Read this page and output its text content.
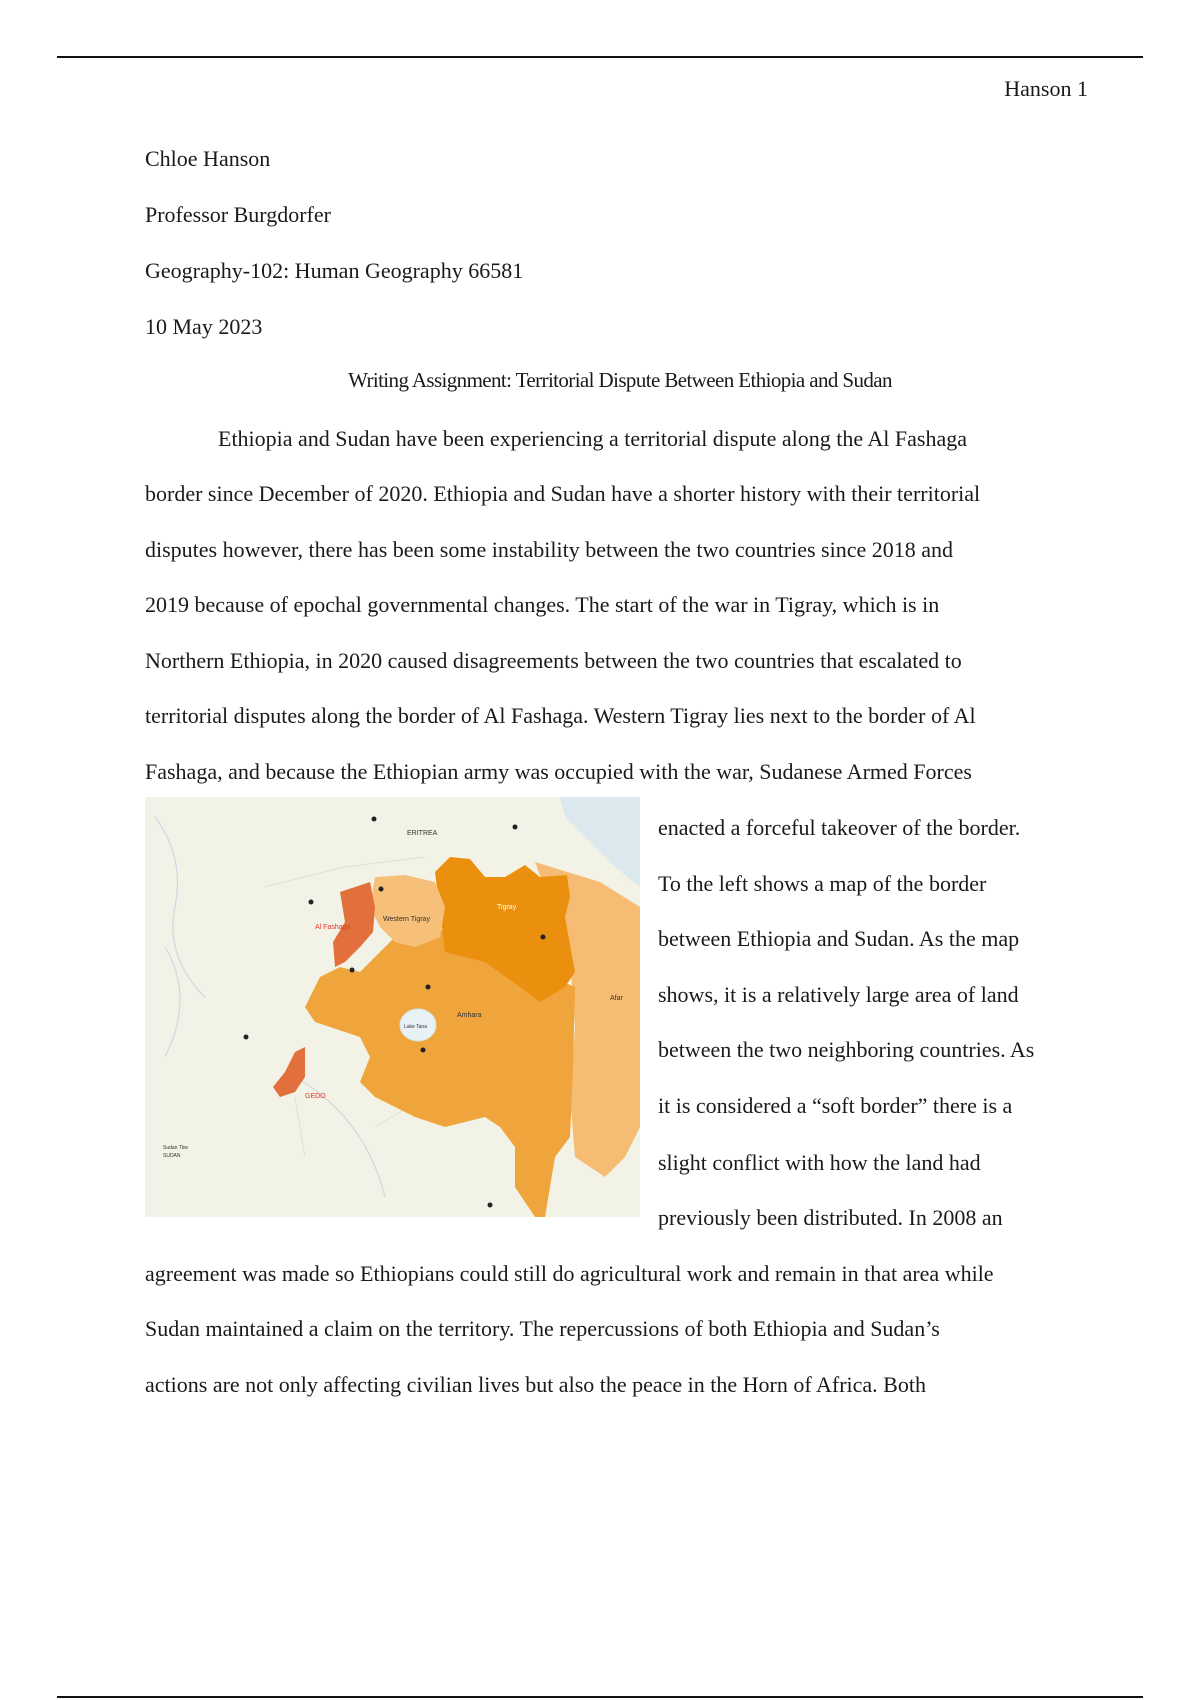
Hanson 1
Chloe Hanson
Professor Burgdorfer
Geography-102: Human Geography 66581
10 May 2023
Writing Assignment: Territorial Dispute Between Ethiopia and Sudan
Ethiopia and Sudan have been experiencing a territorial dispute along the Al Fashaga
border since December of 2020. Ethiopia and Sudan have a shorter history with their territorial
disputes however, there has been some instability between the two countries since 2018 and
2019 because of epochal governmental changes. The start of the war in Tigray, which is in
Northern Ethiopia, in 2020 caused disagreements between the two countries that escalated to
territorial disputes along the border of Al Fashaga. Western Tigray lies next to the border of Al
Fashaga, and because the Ethiopian army was occupied with the war, Sudanese Armed Forces
ERITREA
Al Fashaga
Western Tigray
Tigray
Amhara
Afar
Lake Tana
GEDO
Sudan Tkw
SUDAN
enacted a forceful takeover of the border.
To the left shows a map of the border
between Ethiopia and Sudan. As the map
shows, it is a relatively large area of land
between the two neighboring countries. As
it is considered a “soft border” there is a
slight conflict with how the land had
previously been distributed. In 2008 an
agreement was made so Ethiopians could still do agricultural work and remain in that area while
Sudan maintained a claim on the territory. The repercussions of both Ethiopia and Sudan’s
actions are not only affecting civilian lives but also the peace in the Horn of Africa. Both
